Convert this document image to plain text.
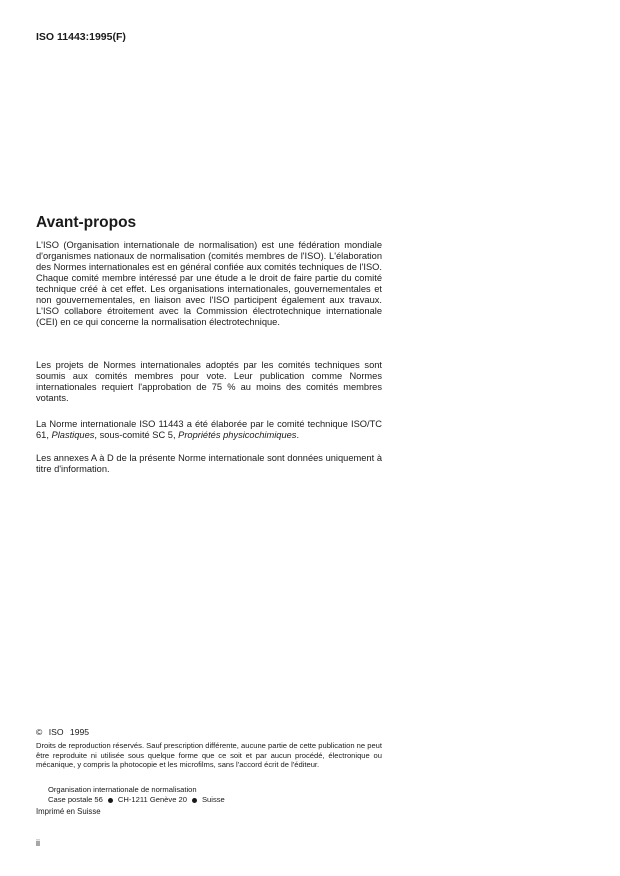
ISO 11443:1995(F)
Avant-propos

L'ISO (Organisation internationale de normalisation) est une fédération mondiale d'organismes nationaux de normalisation (comités membres de l'ISO). L'élaboration des Normes internationales est en général confiée aux comités techniques de l'ISO. Chaque comité membre intéressé par une étude a le droit de faire partie du comité technique créé à cet effet. Les organisations internationales, gouvernementales et non gouvernementales, en liaison avec l'ISO participent également aux travaux. L'ISO collabore étroitement avec la Commission électrotechnique internationale (CEI) en ce qui concerne la normalisation électrotechnique.

Les projets de Normes internationales adoptés par les comités techniques sont soumis aux comités membres pour vote. Leur publication comme Normes internationales requiert l'approbation de 75 % au moins des comités membres votants.

La Norme internationale ISO 11443 a été élaborée par le comité technique ISO/TC 61, Plastiques, sous-comité SC 5, Propriétés physicochimiques.

Les annexes A à D de la présente Norme internationale sont données uniquement à titre d'information.

© ISO 1995

Droits de reproduction réservés. Sauf prescription différente, aucune partie de cette publication ne peut être reproduite ni utilisée sous quelque forme que ce soit et par aucun procédé, électronique ou mécanique, y compris la photocopie et les microfilms, sans l'accord écrit de l'éditeur.

Organisation internationale de normalisation
Case postale 56 CH-1211 Genève 20 Suisse
Imprimé en Suisse
ii
